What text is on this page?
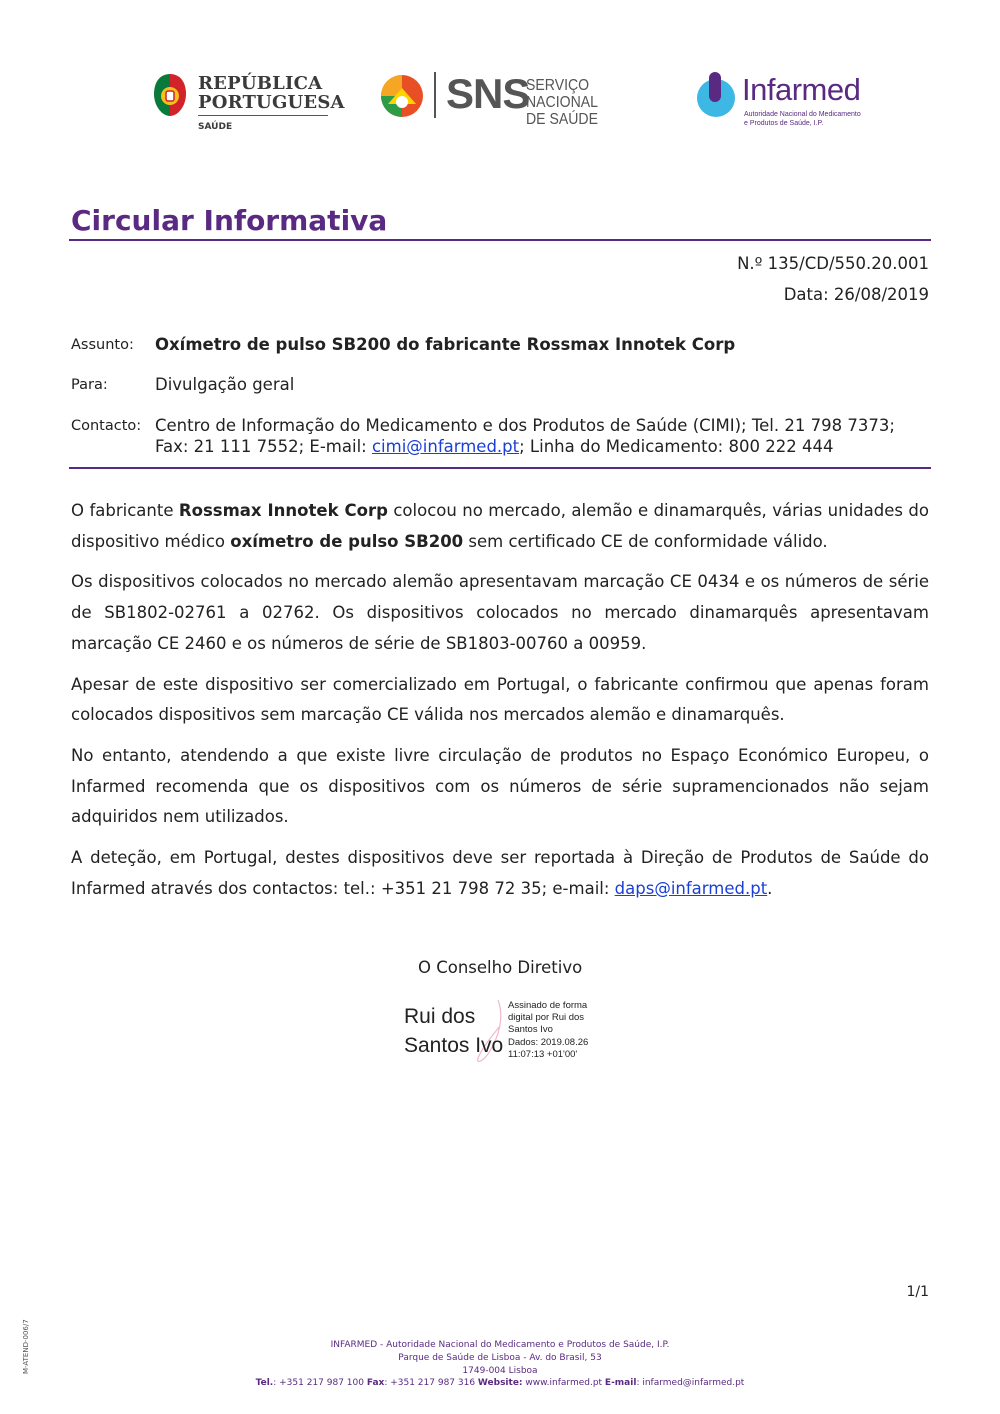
REPÚBLICA
PORTUGUESA
SAÚDE
SNS
SERVIÇO NACIONAL
DE SAÚDE
Infarmed
Autoridade Nacional do Medicamento
e Produtos de Saúde, I.P.
Circular Informativa
N.º 135/CD/550.20.001
Data: 26/08/2019
Assunto: Oxímetro de pulso SB200 do fabricante Rossmax Innotek Corp
Para:	Divulgação geral
Contacto: Centro de Informação do Medicamento e dos Produtos de Saúde (CIMI); Tel. 21 798 7373;
Fax: 21 111 7552; E-mail: cimi@infarmed.pt; Linha do Medicamento: 800 222 444

O fabricante Rossmax Innotek Corp colocou no mercado, alemão e dinamarquês, várias unidades do dispositivo médico oxímetro de pulso SB200 sem certificado CE de conformidade válido.

Os dispositivos colocados no mercado alemão apresentavam marcação CE 0434 e os números de série de SB1802-02761 a 02762. Os dispositivos colocados no mercado dinamarquês apresentavam marcação CE 2460 e os números de série de SB1803-00760 a 00959.

Apesar de este dispositivo ser comercializado em Portugal, o fabricante confirmou que apenas foram colocados dispositivos sem marcação CE válida nos mercados alemão e dinamarquês.

No entanto, atendendo a que existe livre circulação de produtos no Espaço Económico Europeu, o Infarmed recomenda que os dispositivos com os números de série supramencionados não sejam adquiridos nem utilizados.

A deteção, em Portugal, destes dispositivos deve ser reportada à Direção de Produtos de Saúde do Infarmed através dos contactos: tel.: +351 21 798 72 35; e-mail: daps@infarmed.pt.

O Conselho Diretivo
Rui dos
Santos Ivo
Assinado de forma
digital por Rui dos
Santos Ivo
Dados: 2019.08.26
11:07:13 +01'00'
1/1
M-ATEND-006/7	INFARMED - Autoridade Nacional do Medicamento e Produtos de Saúde, I.P.
Parque de Saúde de Lisboa - Av. do Brasil, 53
1749-004 Lisboa
Tel.: +351 217 987 100 Fax: +351 217 987 316 Website: www.infarmed.pt E-mail: infarmed@infarmed.pt
